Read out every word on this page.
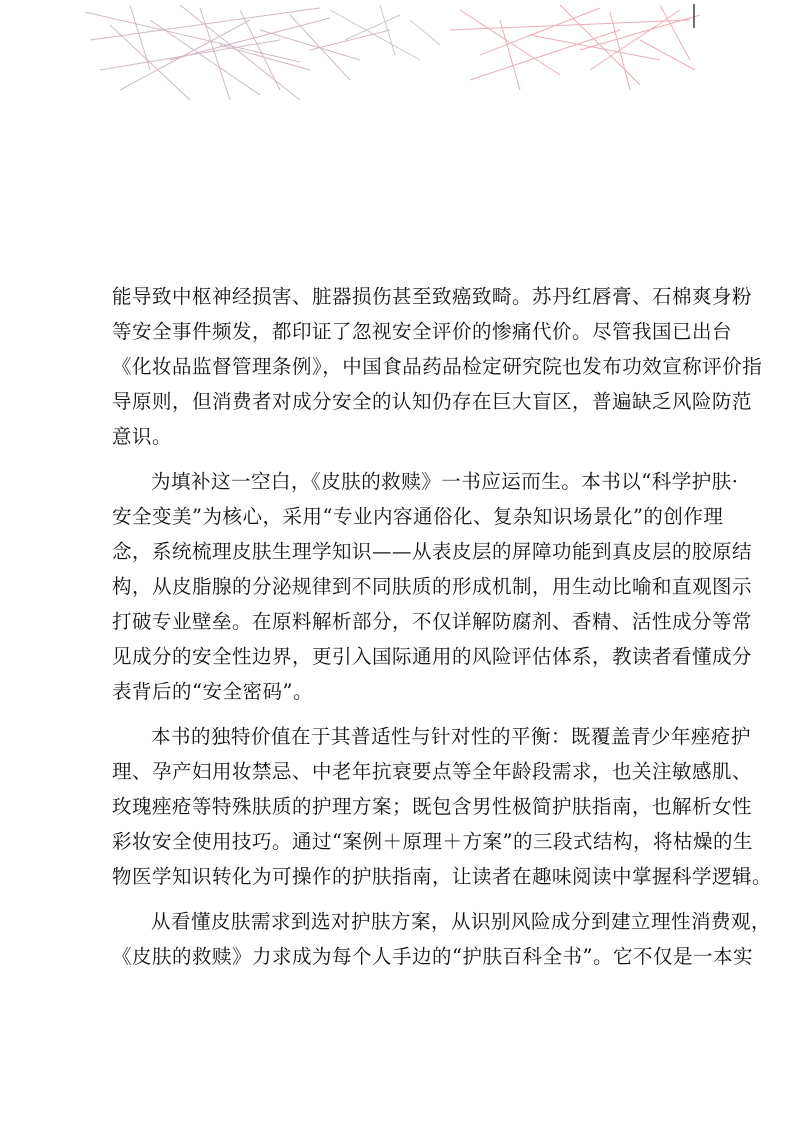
能导致中枢神经损害、脏器损伤甚至致癌致畸。苏丹红唇膏、石棉爽身粉
等安全事件频发，都印证了忽视安全评价的惨痛代价。尽管我国已出台
《化妆品监督管理条例》，中国食品药品检定研究院也发布功效宣称评价指
导原则，但消费者对成分安全的认知仍存在巨大盲区，普遍缺乏风险防范
意识。
为填补这一空白，《皮肤的救赎》一书应运而生。本书以“科学护肤·
安全变美”为核心，采用“专业内容通俗化、复杂知识场景化”的创作理
念，系统梳理皮肤生理学知识——从表皮层的屏障功能到真皮层的胶原结
构，从皮脂腺的分泌规律到不同肤质的形成机制，用生动比喻和直观图示
打破专业壁垒。在原料解析部分，不仅详解防腐剂、香精、活性成分等常
见成分的安全性边界，更引入国际通用的风险评估体系，教读者看懂成分
表背后的“安全密码”。
本书的独特价值在于其普适性与针对性的平衡：既覆盖青少年痤疮护
理、孕产妇用妆禁忌、中老年抗衰要点等全年龄段需求，也关注敏感肌、
玫瑰痤疮等特殊肤质的护理方案；既包含男性极简护肤指南，也解析女性
彩妆安全使用技巧。通过“案例＋原理＋方案”的三段式结构，将枯燥的生
物医学知识转化为可操作的护肤指南，让读者在趣味阅读中掌握科学逻辑。
从看懂皮肤需求到选对护肤方案，从识别风险成分到建立理性消费观，
《皮肤的救赎》力求成为每个人手边的“护肤百科全书”。它不仅是一本实
